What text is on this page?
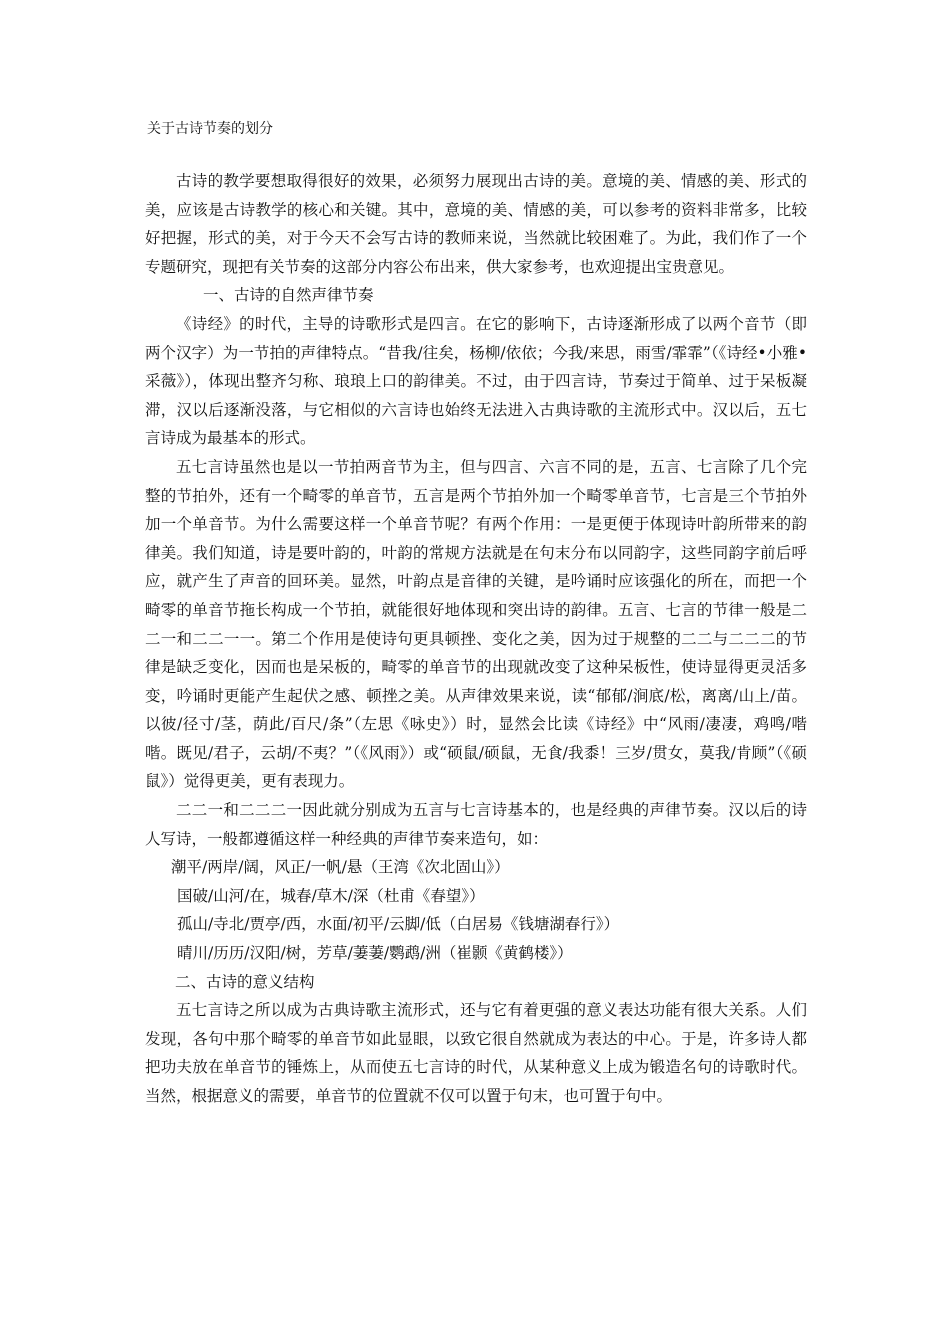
关于古诗节奏的划分

古诗的教学要想取得很好的效果，必须努力展现出古诗的美。意境的美、情感的美、形式的美，应该是古诗教学的核心和关键。其中，意境的美、情感的美，可以参考的资料非常多，比较好把握，形式的美，对于今天不会写古诗的教师来说，当然就比较困难了。为此，我们作了一个专题研究，现把有关节奏的这部分内容公布出来，供大家参考，也欢迎提出宝贵意见。

一、古诗的自然声律节奏

《诗经》的时代，主导的诗歌形式是四言。在它的影响下，古诗逐渐形成了以两个音节（即两个汉字）为一节拍的声律特点。“昔我/往矣，杨柳/依依；今我/来思，雨雪/霏霏”（《诗经•小雅•采薇》），体现出整齐匀称、琅琅上口的韵律美。不过，由于四言诗，节奏过于简单、过于呆板凝滞，汉以后逐渐没落，与它相似的六言诗也始终无法进入古典诗歌的主流形式中。汉以后，五七言诗成为最基本的形式。

五七言诗虽然也是以一节拍两音节为主，但与四言、六言不同的是，五言、七言除了几个完整的节拍外，还有一个畸零的单音节，五言是两个节拍外加一个畸零单音节，七言是三个节拍外加一个单音节。为什么需要这样一个单音节呢？有两个作用：一是更便于体现诗叶韵所带来的韵律美。我们知道，诗是要叶韵的，叶韵的常规方法就是在句末分布以同韵字，这些同韵字前后呼应，就产生了声音的回环美。显然，叶韵点是音律的关键，是吟诵时应该强化的所在，而把一个畸零的单音节拖长构成一个节拍，就能很好地体现和突出诗的韵律。五言、七言的节律一般是二二一和二二一一。第二个作用是使诗句更具顿挫、变化之美，因为过于规整的二二与二二二的节律是缺乏变化，因而也是呆板的，畸零的单音节的出现就改变了这种呆板性，使诗显得更灵活多变，吟诵时更能产生起伏之感、顿挫之美。从声律效果来说，读“郁郁/涧底/松，离离/山上/苗。以彼/径寸/茎，荫此/百尺/条”（左思《咏史》）时，显然会比读《诗经》中“风雨/凄凄，鸡鸣/喈喈。既见/君子，云胡/不夷？”（《风雨》）或“硕鼠/硕鼠，无食/我黍！三岁/贯女，莫我/肯顾”（《硕鼠》）觉得更美，更有表现力。

二二一和二二二一因此就分别成为五言与七言诗基本的，也是经典的声律节奏。汉以后的诗人写诗，一般都遵循这样一种经典的声律节奏来造句，如：

潮平/两岸/阔，风正/一帆/悬（王湾《次北固山》）

国破/山河/在，城春/草木/深（杜甫《春望》）

孤山/寺北/贾亭/西，水面/初平/云脚/低（白居易《钱塘湖春行》）

晴川/历历/汉阳/树，芳草/萋萋/鹦鹉/洲（崔颢《黄鹤楼》）

二、古诗的意义结构

五七言诗之所以成为古典诗歌主流形式，还与它有着更强的意义表达功能有很大关系。人们发现，各句中那个畸零的单音节如此显眼，以致它很自然就成为表达的中心。于是，许多诗人都把功夫放在单音节的锤炼上，从而使五七言诗的时代，从某种意义上成为锻造名句的诗歌时代。当然，根据意义的需要，单音节的位置就不仅可以置于句末，也可置于句中。
